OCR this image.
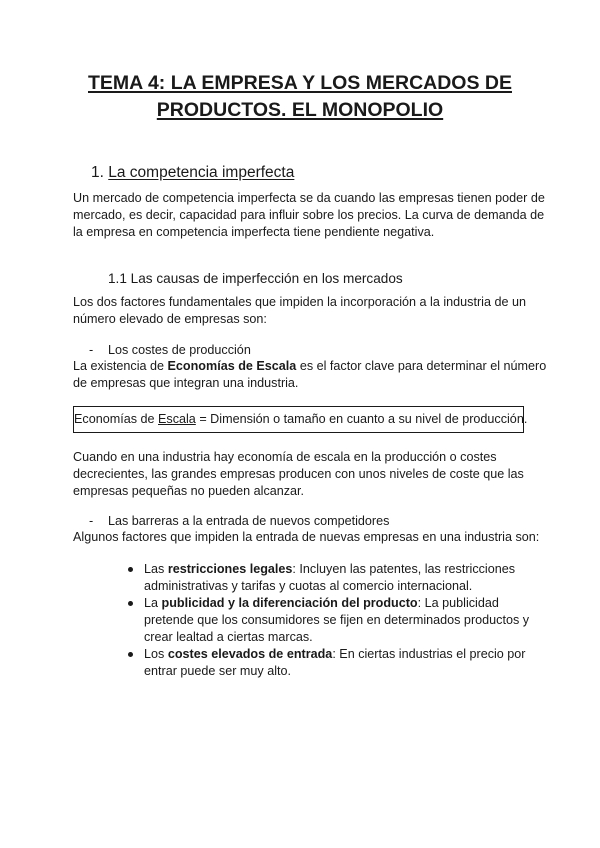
TEMA 4: LA EMPRESA Y LOS MERCADOS DE
PRODUCTOS. EL MONOPOLIO
1. La competencia imperfecta
Un mercado de competencia imperfecta se da cuando las empresas tienen poder de
mercado, es decir, capacidad para influir sobre los precios. La curva de demanda de
la empresa en competencia imperfecta tiene pendiente negativa.
1.1 Las causas de imperfección en los mercados
Los dos factores fundamentales que impiden la incorporación a la industria de un
número elevado de empresas son:
- Los costes de producción
La existencia de Economías de Escala es el factor clave para determinar el número
de empresas que integran una industria.
Economías de Escala = Dimensión o tamaño en cuanto a su nivel de producción.
Cuando en una industria hay economía de escala en la producción o costes
decrecientes, las grandes empresas producen con unos niveles de coste que las
empresas pequeñas no pueden alcanzar.
- Las barreras a la entrada de nuevos competidores
Algunos factores que impiden la entrada de nuevas empresas en una industria son:
Las restricciones legales: Incluyen las patentes, las restricciones
administrativas y tarifas y cuotas al comercio internacional.
La publicidad y la diferenciación del producto: La publicidad
pretende que los consumidores se fijen en determinados productos y
crear lealtad a ciertas marcas.
Los costes elevados de entrada: En ciertas industrias el precio por
entrar puede ser muy alto.
